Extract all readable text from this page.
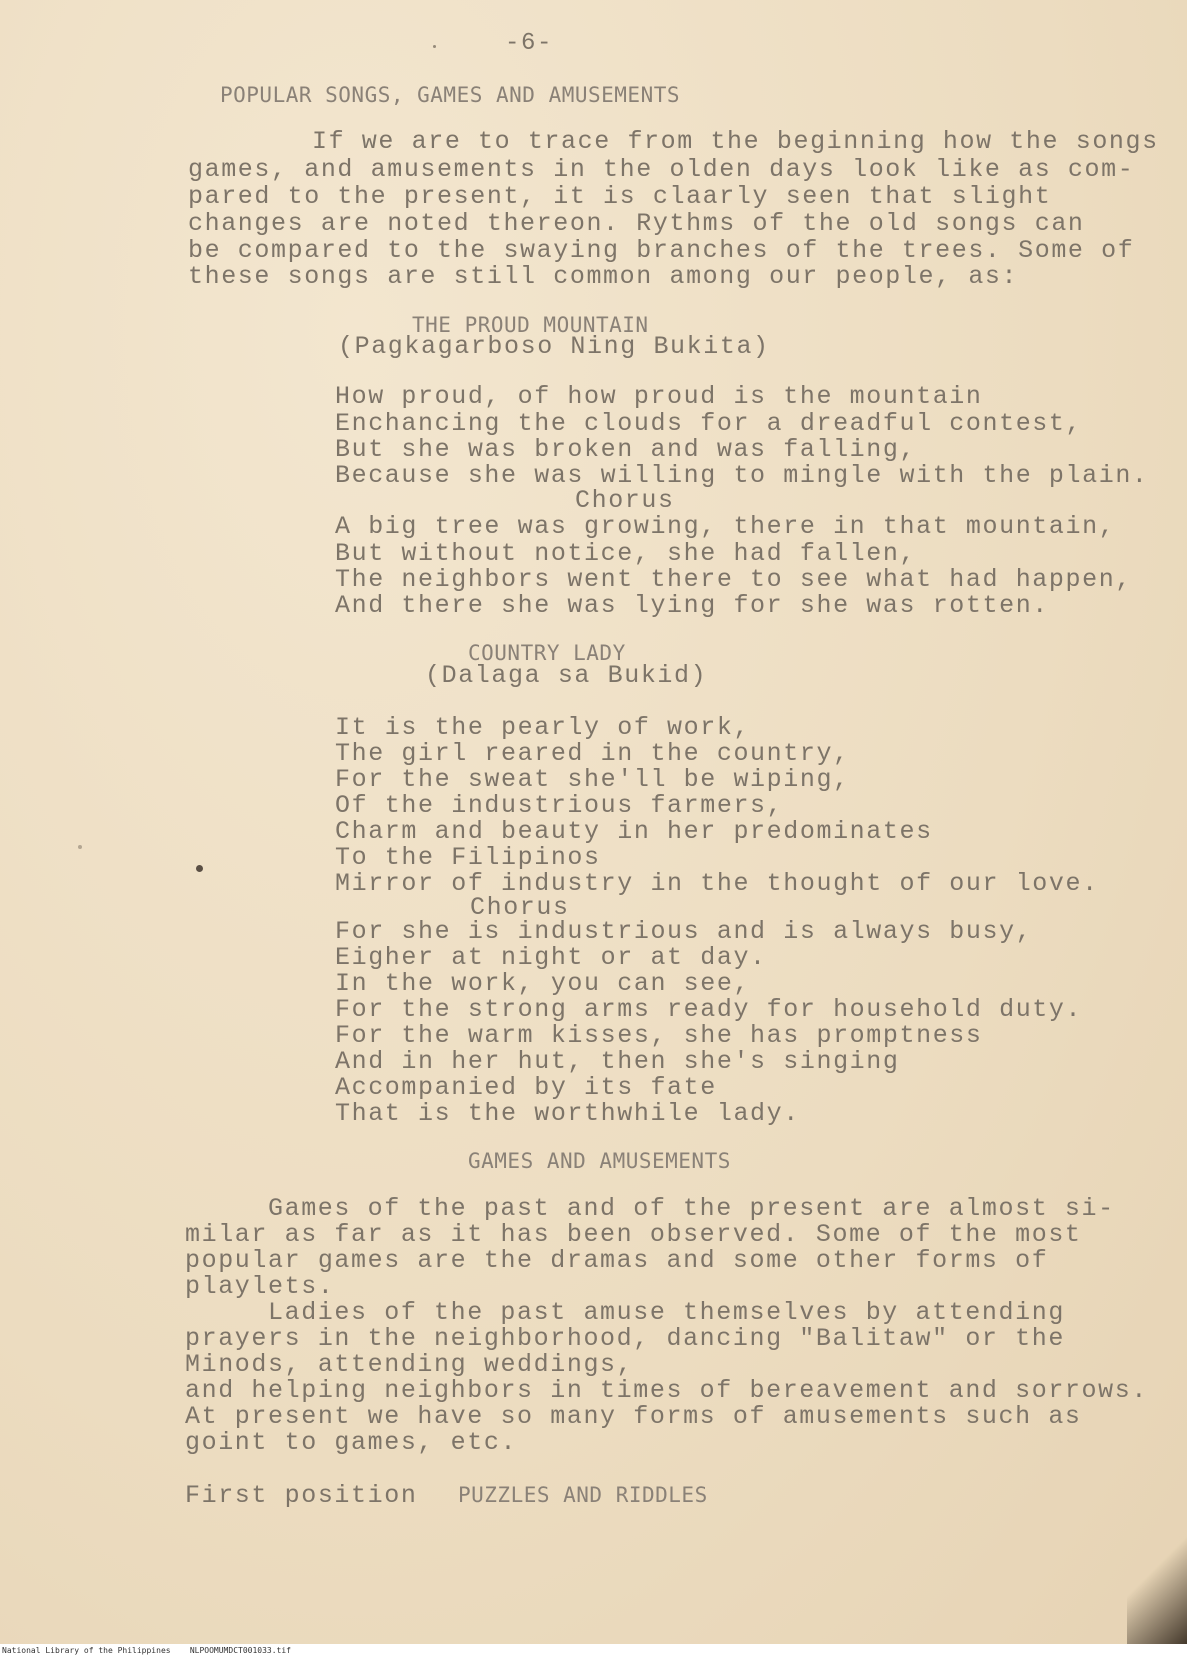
-6-
POPULAR SONGS, GAMES AND AMUSEMENTS
If we are to trace from the beginning how the songs
games, and amusements in the olden days look like as com-
pared to the present, it is claarly seen that slight
changes are noted thereon. Rythms of the old songs can
be compared to the swaying branches of the trees. Some of
these songs are still common among our people, as:
THE PROUD MOUNTAIN
(Pagkagarboso Ning Bukita)
How proud, of how proud is the mountain
Enchancing the clouds for a dreadful contest,
But she was broken and was falling,
Because she was willing to mingle with the plain.
Chorus
A big tree was growing, there in that mountain,
But without notice, she had fallen,
The neighbors went there to see what had happen,
And there she was lying for she was rotten.
COUNTRY LADY
(Dalaga sa Bukid)
It is the pearly of work,
The girl reared in the country,
For the sweat she'll be wiping,
Of the industrious farmers,
Charm and beauty in her predominates
To the Filipinos
Mirror of industry in the thought of our love.
Chorus
For she is industrious and is always busy,
Eigher at night or at day.
In the work, you can see,
For the strong arms ready for household duty.
For the warm kisses, she has promptness
And in her hut, then she's singing
Accompanied by its fate
That is the worthwhile lady.
GAMES AND AMUSEMENTS
Games of the past and of the present are almost si-
milar as far as it has been observed. Some of the most
popular games are the dramas and some other forms of
playlets.
Ladies of the past amuse themselves by attending
prayers in the neighborhood, dancing "Balitaw" or the
Minods, attending weddings,
and helping neighbors in times of bereavement and sorrows.
At present we have so many forms of amusements such as
goint to games, etc.
First position PUZZLES AND RIDDLES
National Library of the Philippines    NLPOOMUMDCT001033.tif
